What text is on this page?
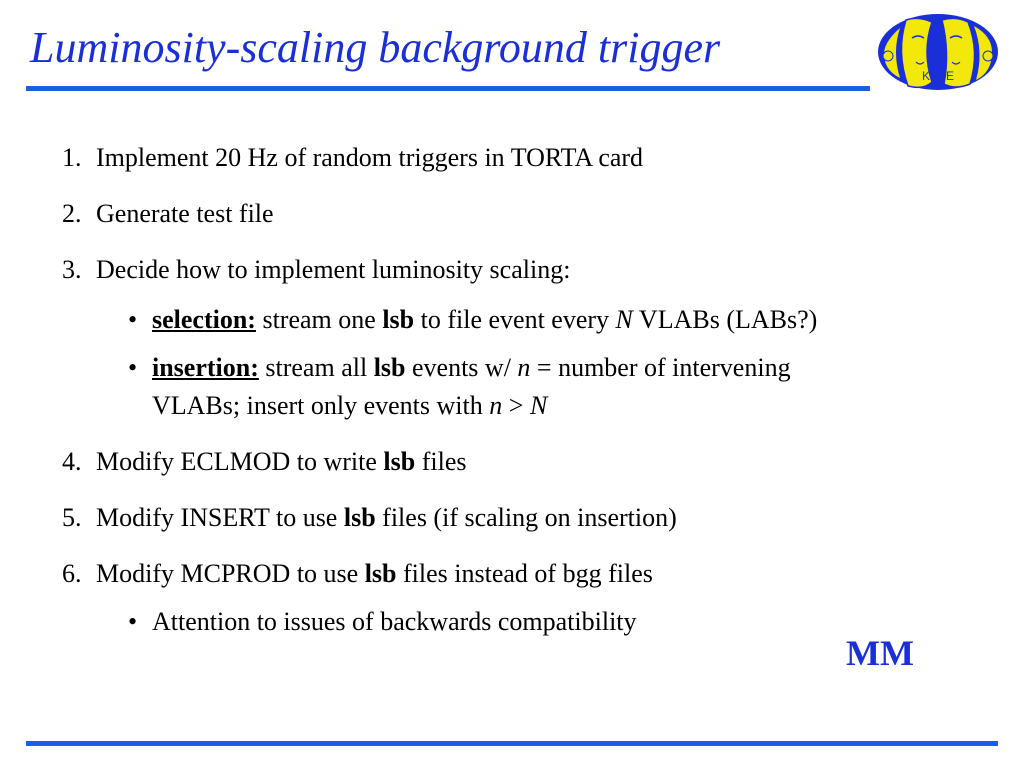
Luminosity-scaling background trigger
KLOE
1. Implement 20 Hz of random triggers in TORTA card
2. Generate test file
3. Decide how to implement luminosity scaling:
• selection: stream one lsb to file event every N VLABs (LABs?)
• insertion: stream all lsb events w/ n = number of intervening
VLABs; insert only events with n > N
4. Modify ECLMOD to write lsb files
5. Modify INSERT to use lsb files (if scaling on insertion)
6. Modify MCPROD to use lsb files instead of bgg files
• Attention to issues of backwards compatibility
MM
